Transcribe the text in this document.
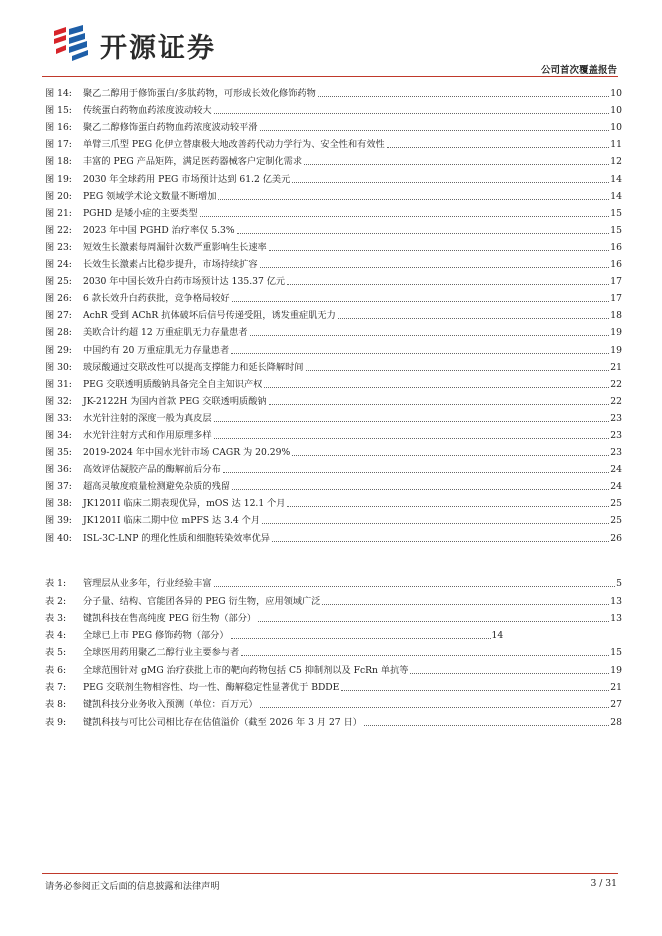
开源证券
公司首次覆盖报告
图 14:	聚乙二醇用于修饰蛋白/多肽药物，可形成长效化修饰药物	10
图 15:	传统蛋白药物血药浓度波动较大	10
图 16:	聚乙二醇修饰蛋白药物血药浓度波动较平滑	10
图 17:	单臂三爪型 PEG 化伊立替康极大地改善药代动力学行为、安全性和有效性	11
图 18:	丰富的 PEG 产品矩阵，满足医药器械客户定制化需求	12
图 19:	2030 年全球药用 PEG 市场预计达到 61.2 亿美元	14
图 20:	PEG 领域学术论文数量不断增加	14
图 21:	PGHD 是矮小症的主要类型	15
图 22:	2023 年中国 PGHD 治疗率仅 5.3%	15
图 23:	短效生长激素每周漏针次数严重影响生长速率	16
图 24:	长效生长激素占比稳步提升，市场持续扩容	16
图 25:	2030 年中国长效升白药市场预计达 135.37 亿元	17
图 26:	6 款长效升白药获批，竞争格局较好	17
图 27:	AchR 受到 AChR 抗体破坏后信号传递受阻，诱发重症肌无力	18
图 28:	美欧合计约超 12 万重症肌无力存量患者	19
图 29:	中国约有 20 万重症肌无力存量患者	19
图 30:	玻尿酸通过交联改性可以提高支撑能力和延长降解时间	21
图 31:	PEG 交联透明质酸钠具备完全自主知识产权	22
图 32:	JK-2122H 为国内首款 PEG 交联透明质酸钠	22
图 33:	水光针注射的深度一般为真皮层	23
图 34:	水光针注射方式和作用原理多样	23
图 35:	2019-2024 年中国水光针市场 CAGR 为 20.29%	23
图 36:	高效评估凝胶产品的酶解前后分布	24
图 37:	超高灵敏度痕量检测避免杂质的残留	24
图 38:	JK1201I 临床二期表现优异，mOS 达 12.1 个月	25
图 39:	JK1201I 临床二期中位 mPFS 达 3.4 个月	25
图 40:	ISL-3C-LNP 的理化性质和细胞转染效率优异	26
表 1:	管理层从业多年，行业经验丰富	5
表 2:	分子量、结构、官能团各异的 PEG 衍生物，应用领域广泛	13
表 3:	键凯科技在售高纯度 PEG 衍生物（部分）	13
表 4:	全球已上市 PEG 修饰药物（部分）	14
表 5:	全球医用药用聚乙二醇行业主要参与者	15
表 6:	全球范围针对 gMG 治疗获批上市的靶向药物包括 C5 抑制剂以及 FcRn 单抗等	19
表 7:	PEG 交联剂生物相容性、均一性、酶解稳定性显著优于 BDDE	21
表 8:	键凯科技分业务收入预测（单位：百万元）	27
表 9:	键凯科技与可比公司相比存在估值溢价（截至 2026 年 3 月 27 日）	28
请务必参阅正文后面的信息披露和法律声明	3 / 31
